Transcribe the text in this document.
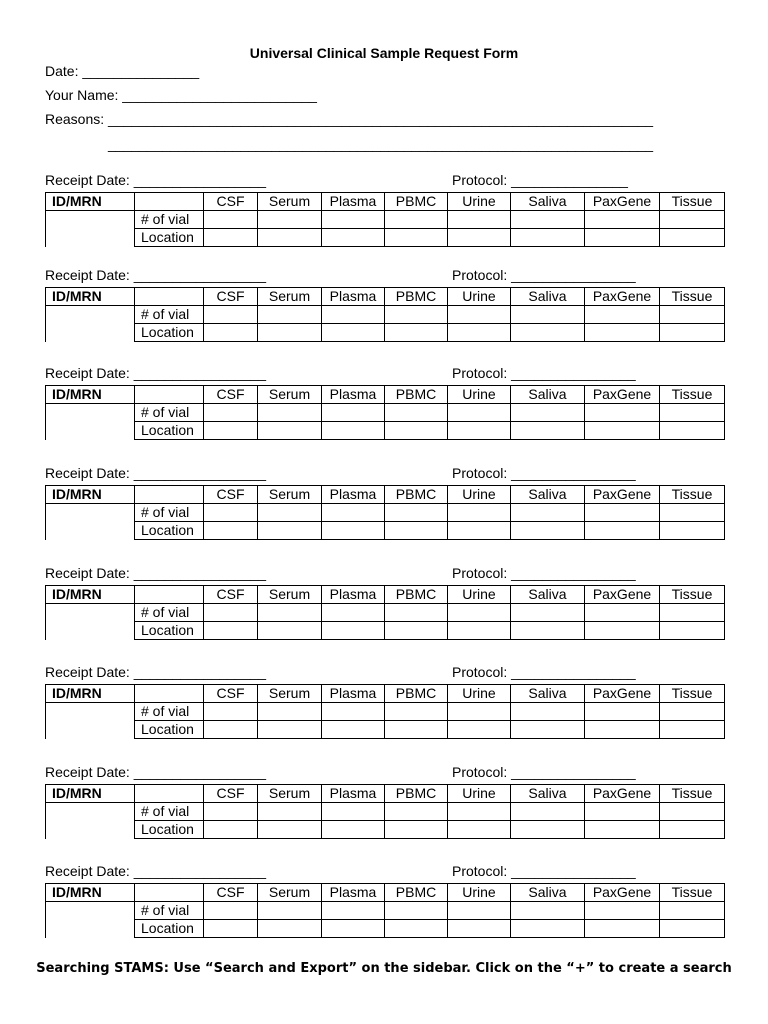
Universal Clinical Sample Request Form
Date: _______________
Your Name: _________________________
Reasons: ______________________________________________________________________
______________________________________________________________________
Receipt Date: _________________	Protocol: _______________
ID/MRN		CSF	Serum	Plasma	PBMC	Urine	Saliva	PaxGene	Tissue
	# of vial								
	Location								
Receipt Date: _________________	Protocol: ________________
ID/MRN		CSF	Serum	Plasma	PBMC	Urine	Saliva	PaxGene	Tissue
	# of vial								
	Location								
Receipt Date: _________________	Protocol: ________________
ID/MRN		CSF	Serum	Plasma	PBMC	Urine	Saliva	PaxGene	Tissue
	# of vial								
	Location								
Receipt Date: _________________	Protocol: ________________
ID/MRN		CSF	Serum	Plasma	PBMC	Urine	Saliva	PaxGene	Tissue
	# of vial								
	Location								
Receipt Date: _________________	Protocol: ________________
ID/MRN		CSF	Serum	Plasma	PBMC	Urine	Saliva	PaxGene	Tissue
	# of vial								
	Location								
Receipt Date: _________________	Protocol: ________________
ID/MRN		CSF	Serum	Plasma	PBMC	Urine	Saliva	PaxGene	Tissue
	# of vial								
	Location								
Receipt Date: _________________	Protocol: ________________
ID/MRN		CSF	Serum	Plasma	PBMC	Urine	Saliva	PaxGene	Tissue
	# of vial								
	Location								
Receipt Date: _________________	Protocol: ________________
ID/MRN		CSF	Serum	Plasma	PBMC	Urine	Saliva	PaxGene	Tissue
	# of vial								
	Location								
Searching STAMS: Use “Search and Export” on the sidebar. Click on the “+” to create a search
